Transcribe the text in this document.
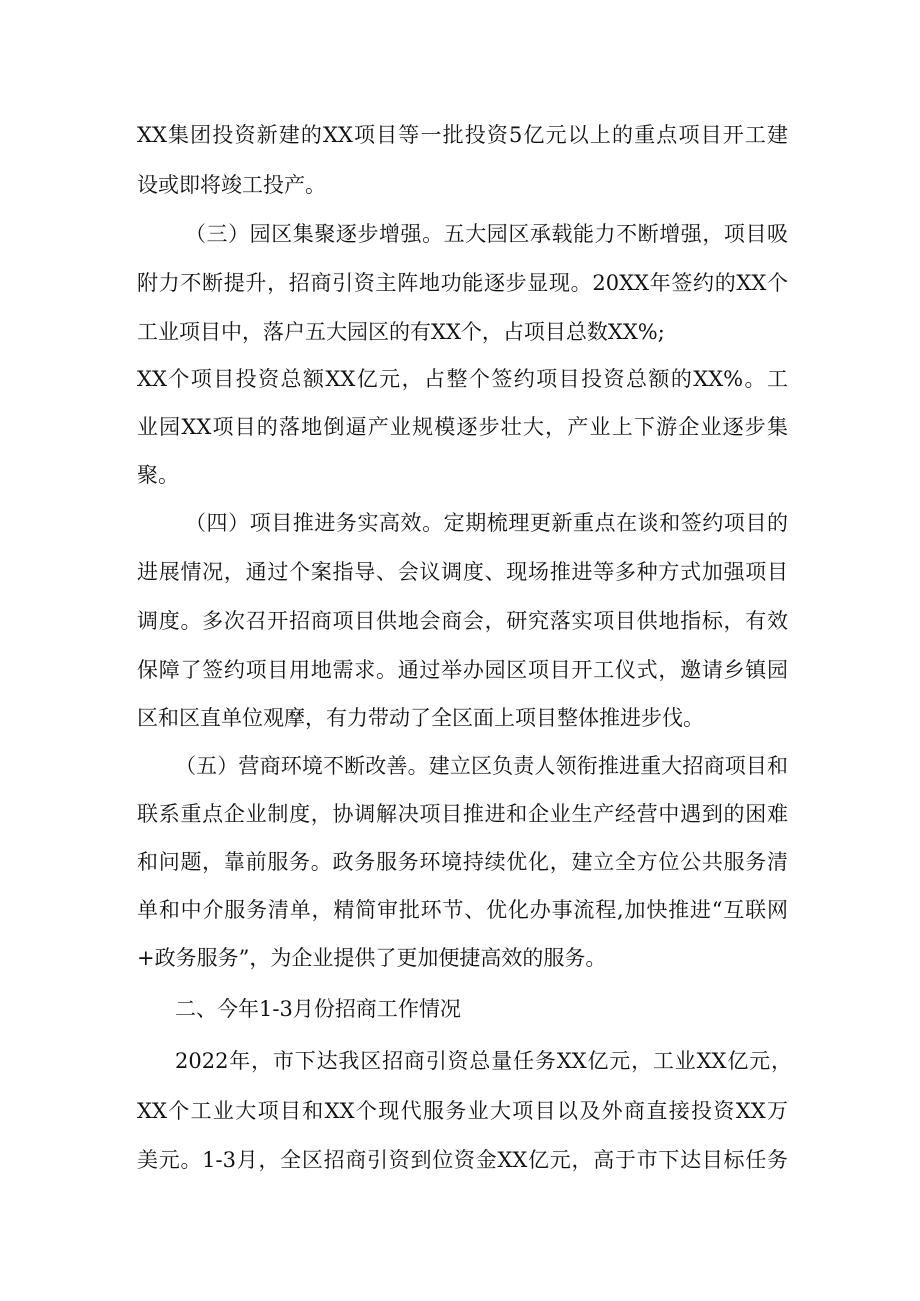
XX集团投资新建的XX项目等一批投资5亿元以上的重点项目开工建

设或即将竣工投产。

（三）园区集聚逐步增强。五大园区承载能力不断增强，项目吸

附力不断提升，招商引资主阵地功能逐步显现。20XX年签约的XX个

工业项目中，落户五大园区的有XX个，占项目总数XX%;

XX个项目投资总额XX亿元，占整个签约项目投资总额的XX%。工

业园XX项目的落地倒逼产业规模逐步壮大，产业上下游企业逐步集

聚。

（四）项目推进务实高效。定期梳理更新重点在谈和签约项目的

进展情况，通过个案指导、会议调度、现场推进等多种方式加强项目

调度。多次召开招商项目供地会商会，研究落实项目供地指标，有效

保障了签约项目用地需求。通过举办园区项目开工仪式，邀请乡镇园

区和区直单位观摩，有力带动了全区面上项目整体推进步伐。

（五）营商环境不断改善。建立区负责人领衔推进重大招商项目和

联系重点企业制度，协调解决项目推进和企业生产经营中遇到的困难

和问题，靠前服务。政务服务环境持续优化，建立全方位公共服务清

单和中介服务清单，精简审批环节、优化办事流程,加快推进“互联网

+政务服务”，为企业提供了更加便捷高效的服务。

二、今年1-3月份招商工作情况

2022年，市下达我区招商引资总量任务XX亿元，工业XX亿元，

XX个工业大项目和XX个现代服务业大项目以及外商直接投资XX万

美元。1-3月，全区招商引资到位资金XX亿元，高于市下达目标任务
